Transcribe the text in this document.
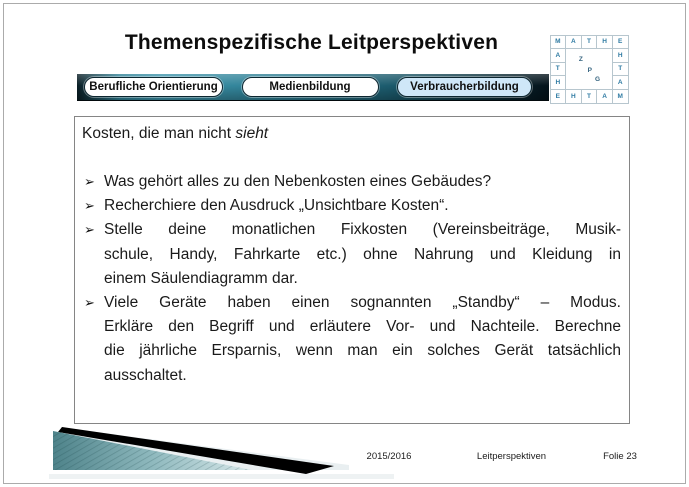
Themenspezifische Leitperspektiven	M	A	T	H	E
A
Z
P
G
H
T	T
H	A
E	H	T	A	M
Berufliche Orientierung	Medienbildung	Verbraucherbildung
Kosten, die man nicht sieht
➢ Was gehört alles zu den Nebenkosten eines Gebäudes?
➢ Recherchiere den Ausdruck „Unsichtbare Kosten“.
➢ Stelle deine monatlichen Fixkosten (Vereinsbeiträge, Musik-
schule, Handy, Fahrkarte etc.) ohne Nahrung und Kleidung in
einem Säulendiagramm dar.
➢ Viele Geräte haben einen sognannten „Standby“ – Modus.
Erkläre den Begriff und erläutere Vor- und Nachteile. Berechne
die jährliche Ersparnis, wenn man ein solches Gerät tatsächlich
ausschaltet.
2015/2016	Leitperspektiven	Folie 23
